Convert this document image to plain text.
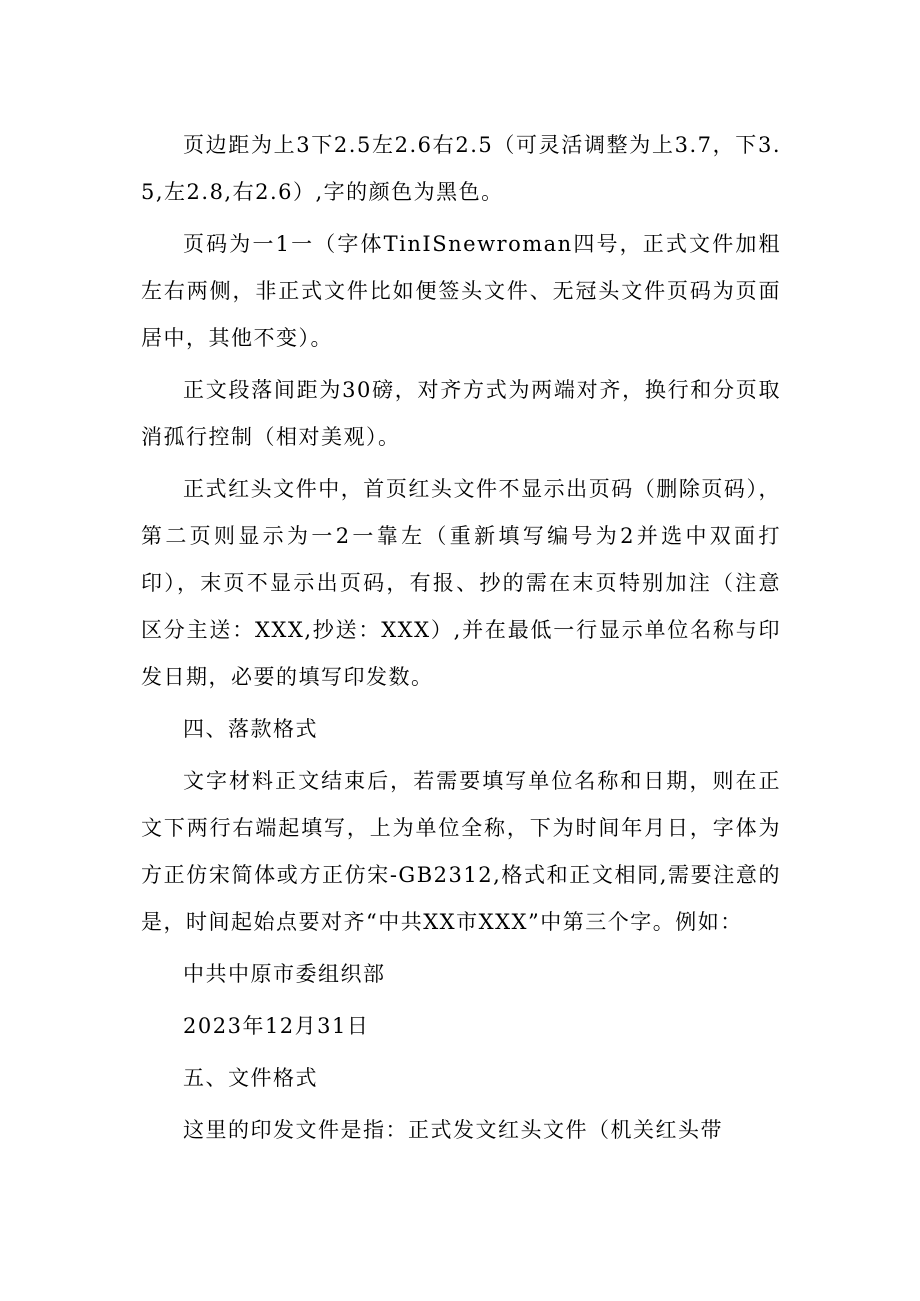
页边距为上3下2.5左2.6右2.5（可灵活调整为上3.7，下3.5,左2.8,右2.6）,字的颜色为黑色。

页码为一1一（字体TinISnewroman四号，正式文件加粗左右两侧，非正式文件比如便签头文件、无冠头文件页码为页面居中，其他不变）。

正文段落间距为30磅，对齐方式为两端对齐，换行和分页取消孤行控制（相对美观）。

正式红头文件中，首页红头文件不显示出页码（删除页码），第二页则显示为一2一靠左（重新填写编号为2并选中双面打印），末页不显示出页码，有报、抄的需在末页特别加注（注意区分主送：XXX,抄送：XXX）,并在最低一行显示单位名称与印发日期，必要的填写印发数。

四、落款格式

文字材料正文结束后，若需要填写单位名称和日期，则在正文下两行右端起填写，上为单位全称，下为时间年月日，字体为方正仿宋简体或方正仿宋-GB2312,格式和正文相同,需要注意的是，时间起始点要对齐“中共XX市XXX”中第三个字。例如：

中共中原市委组织部

2023年12月31日

五、文件格式

这里的印发文件是指：正式发文红头文件（机关红头带
